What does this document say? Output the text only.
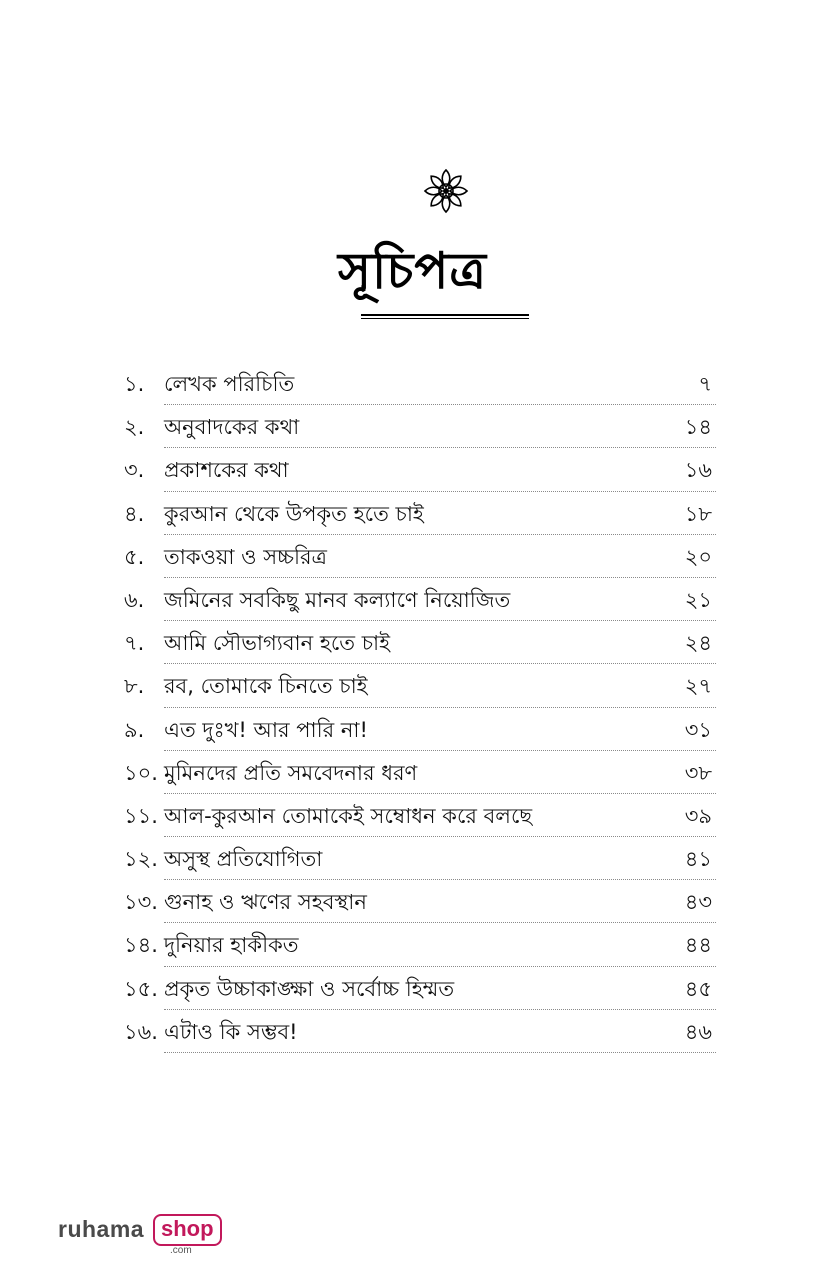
সূচিপত্র
১. লেখক পরিচিতি	৭
২. অনুবাদকের কথা	১৪
৩. প্রকাশকের কথা	১৬
৪. কুরআন থেকে উপকৃত হতে চাই	১৮
৫. তাকওয়া ও সচ্চরিত্র	২০
৬. জমিনের সবকিছু মানব কল্যাণে নিয়োজিত	২১
৭. আমি সৌভাগ্যবান হতে চাই	২৪
৮. রব, তোমাকে চিনতে চাই	২৭
৯. এত দুঃখ! আর পারি না!	৩১
১০. মুমিনদের প্রতি সমবেদনার ধরণ	৩৮
১১. আল-কুরআন তোমাকেই সম্বোধন করে বলছে	৩৯
১২. অসুস্থ প্রতিযোগিতা	৪১
১৩. গুনাহ ও ঋণের সহবস্থান	৪৩
১৪. দুনিয়ার হাকীকত	৪৪
১৫. প্রকৃত উচ্চাকাঙ্ক্ষা ও সর্বোচ্চ হিম্মত	৪৫
১৬. এটাও কি সম্ভব!	৪৬
ruhama shop
.com
